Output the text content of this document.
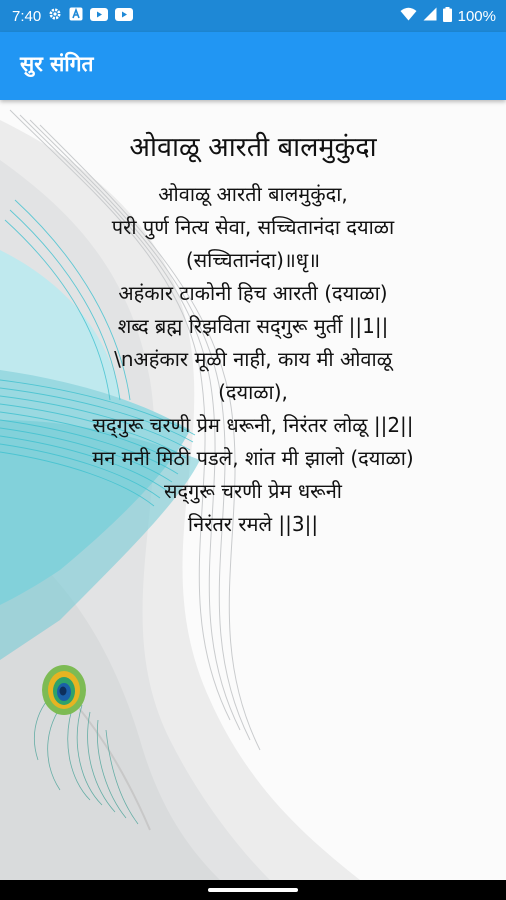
7:40	100%
सुर संगित
ओवाळू आरती बालमुकुंदा
ओवाळू आरती बालमुकुंदा,
परी पुर्ण नित्य सेवा, सच्चितानंदा दयाळा
(सच्चितानंदा)॥धृ॥
अहंकार टाकोनी हिच आरती (दयाळा)
शब्द ब्रह्म रिझविता सद्‌गुरू मुर्ती ||1||
\nअहंकार मूळी नाही, काय मी ओवाळू
(दयाळा),
सद्‌गुरू चरणी प्रेम धरूनी, निरंतर लोळू ||2||
मन मनी मिठी पडले, शांत मी झालो (दयाळा)
सद्‌गुरू चरणी प्रेम धरूनी
निरंतर रमले ||3||
